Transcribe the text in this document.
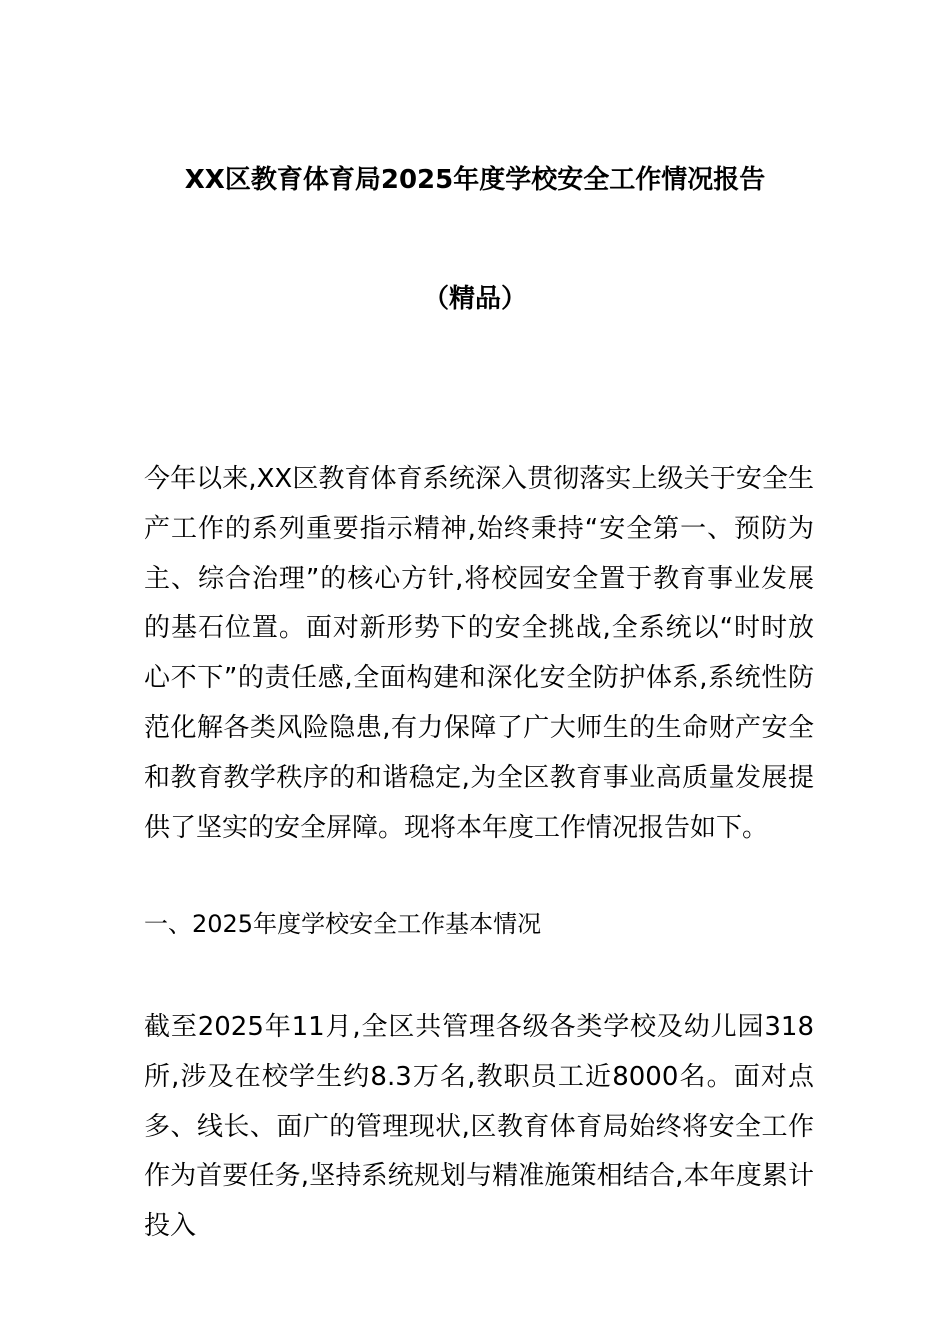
XX区教育体育局2025年度学校安全工作情况报告
（精品）
今年以来,XX区教育体育系统深入贯彻落实上级关于安全生产工作的系列重要指示精神,始终秉持“安全第一、预防为主、综合治理”的核心方针,将校园安全置于教育事业发展的基石位置。面对新形势下的安全挑战,全系统以“时时放心不下”的责任感,全面构建和深化安全防护体系,系统性防范化解各类风险隐患,有力保障了广大师生的生命财产安全和教育教学秩序的和谐稳定,为全区教育事业高质量发展提供了坚实的安全屏障。现将本年度工作情况报告如下。
一、2025年度学校安全工作基本情况
截至2025年11月,全区共管理各级各类学校及幼儿园318所,涉及在校学生约8.3万名,教职员工近8000名。面对点多、线长、面广的管理现状,区教育体育局始终将安全工作作为首要任务,坚持系统规划与精准施策相结合,本年度累计投入
